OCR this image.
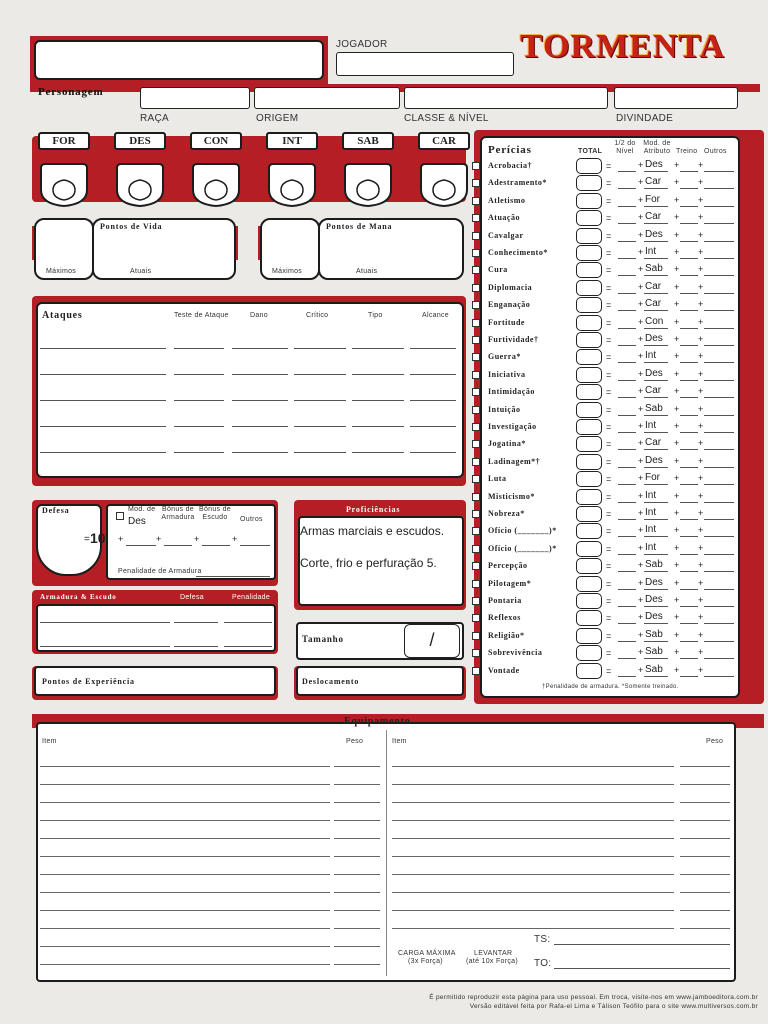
JOGADOR	TORMENTA
Personagem
RAÇA	ORIGEM	CLASSE & NÍVEL	DIVINDADE
FOR	DES	CON	INT	SAB	CAR
Pontos de Vida
Máximos	Atuais
Pontos de Mana
Máximos	Atuais
Ataques	Teste de Ataque	Dano	Crítico	Tipo	Alcance
Defesa
= 10
Mod. de
Des
Bônus de Armadura
Bônus de Escudo	Outros
+	+	+	+
Penalidade de Armadura
Armadura & Escudo	Defesa	Penalidade
Proficiências
Armas marciais e escudos.
Corte, frio e perfuração 5.
Tamanho	/
Pontos de Experiência	Deslocamento
Perícias	TOTAL
1/2 do Nível
Mod. de Atributo Treino Outros
Acrobacia†	=	+ Des	+ +
Adestramento*	=	+ Car	+ +
Atletismo	=	+ For	+ +
Atuação	=	+ Car	+ +
Cavalgar	=	+ Des	+ +
Conhecimento*	=	+ Int	+ +
Cura	=	+ Sab	+ +
Diplomacia	=	+ Car	+ +
Enganação	=	+ Car	+ +
Fortitude	=	+ Con	+ +
Furtividade†	=	+ Des	+ +
Guerra*	=	+ Int	+ +
Iniciativa	=	+ Des	+ +
Intimidação	=	+ Car	+ +
Intuição	=	+ Sab	+ +
Investigação	=	+ Int	+ +
Jogatina*	=	+ Car	+ +
Ladinagem*†	=	+ Des	+ +
Luta	=	+ For	+ +
Misticismo*	=	+ Int	+ +
Nobreza*	=	+ Int	+ +
Ofício (_______)*	=	+ Int	+ +
Ofício (_______)*	=	+ Int	+ +
Percepção	=	+ Sab	+ +
Pilotagem*	=	+ Des	+ +
Pontaria	=	+ Des	+ +
Reflexos	=	+ Des	+ +
Religião*	=	+ Sab	+ +
Sobrevivência	=	+ Sab	+ +
Vontade	=	+ Sab	+ +
†Penalidade de armadura. *Somente treinado.
Equipamento
Item	Peso	Item	Peso
CARGA MÁXIMA
(3x Força)
LEVANTAR
(até 10x Força)
TS:
TO:
É permitido reproduzir esta página para uso pessoal. Em troca, visite-nos em www.jamboeditora.com.br
Versão editável feita por Rafa-el Lima e Tálison Teófilo para o site www.multiversos.com.br
